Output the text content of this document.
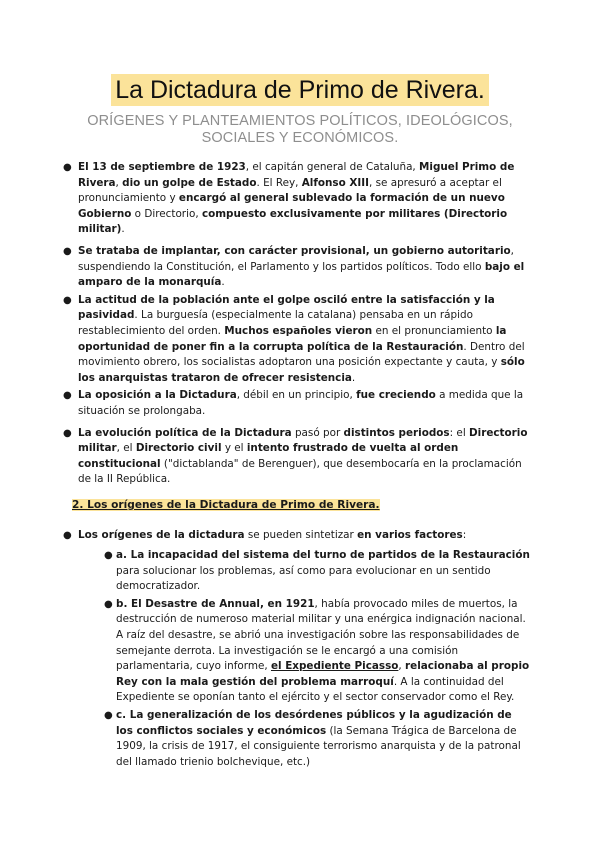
La Dictadura de Primo de Rivera.
ORÍGENES Y PLANTEAMIENTOS POLÍTICOS, IDEOLÓGICOS, SOCIALES Y ECONÓMICOS.
● El 13 de septiembre de 1923, el capitán general de Cataluña, Miguel Primo de Rivera, dio un golpe de Estado. El Rey, Alfonso XIII, se apresuró a aceptar el pronunciamiento y encargó al general sublevado la formación de un nuevo Gobierno o Directorio, compuesto exclusivamente por militares (Directorio militar).
● Se trataba de implantar, con carácter provisional, un gobierno autoritario, suspendiendo la Constitución, el Parlamento y los partidos políticos. Todo ello bajo el amparo de la monarquía.
● La actitud de la población ante el golpe osciló entre la satisfacción y la pasividad. La burguesía (especialmente la catalana) pensaba en un rápido restablecimiento del orden. Muchos españoles vieron en el pronunciamiento la oportunidad de poner fin a la corrupta política de la Restauración. Dentro del movimiento obrero, los socialistas adoptaron una posición expectante y cauta, y sólo los anarquistas trataron de ofrecer resistencia.
● La oposición a la Dictadura, débil en un principio, fue creciendo a medida que la situación se prolongaba.
● La evolución política de la Dictadura pasó por distintos periodos: el Directorio militar, el Directorio civil y el intento frustrado de vuelta al orden constitucional ("dictablanda" de Berenguer), que desembocaría en la proclamación de la II República.
2. Los orígenes de la Dictadura de Primo de Rivera.
● Los orígenes de la dictadura se pueden sintetizar en varios factores:
● a. La incapacidad del sistema del turno de partidos de la Restauración para solucionar los problemas, así como para evolucionar en un sentido democratizador.
● b. El Desastre de Annual, en 1921, había provocado miles de muertos, la destrucción de numeroso material militar y una enérgica indignación nacional. A raíz del desastre, se abrió una investigación sobre las responsabilidades de semejante derrota. La investigación se le encargó a una comisión parlamentaria, cuyo informe, el Expediente Picasso, relacionaba al propio Rey con la mala gestión del problema marroquí. A la continuidad del Expediente se oponían tanto el ejército y el sector conservador como el Rey.
● c. La generalización de los desórdenes públicos y la agudización de los conflictos sociales y económicos (la Semana Trágica de Barcelona de 1909, la crisis de 1917, el consiguiente terrorismo anarquista y de la patronal del llamado trienio bolchevique, etc.)
